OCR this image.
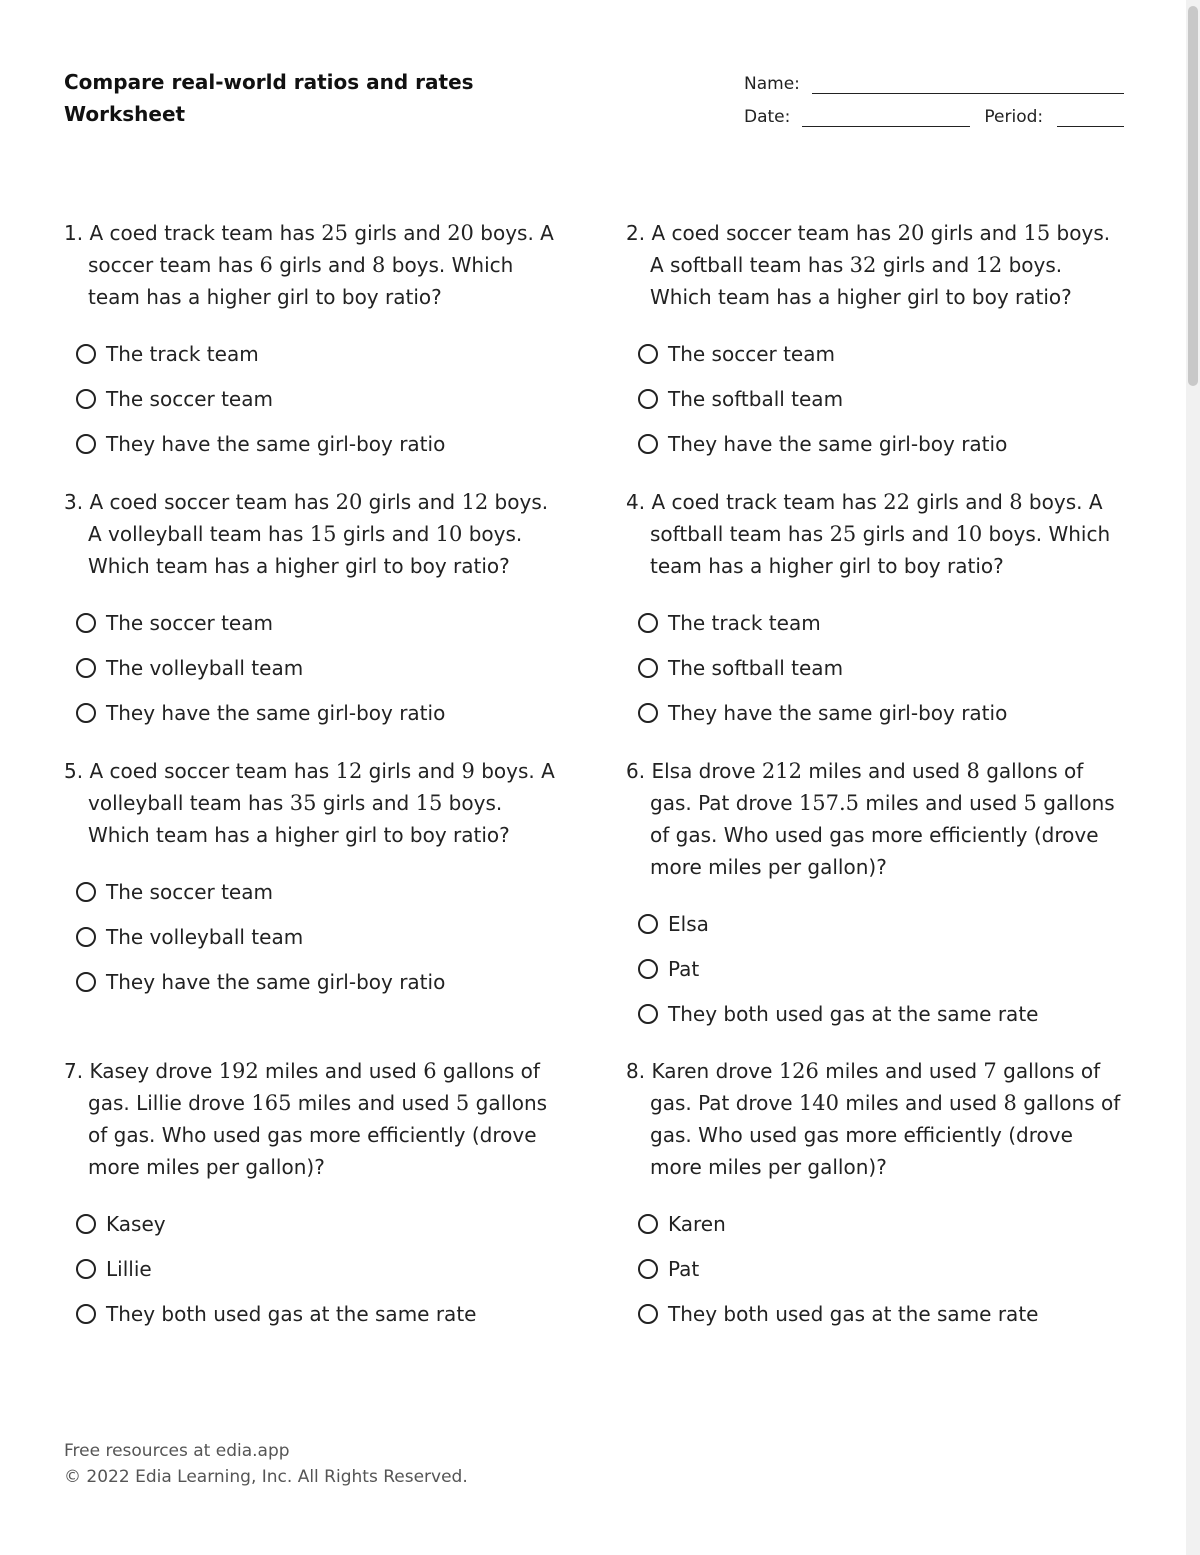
Compare real-world ratios and rates
Worksheet
Name:
Date:	Period:
1. A coed track team has 25 girls and 20 boys. A soccer team has 6 girls and 8 boys. Which team has a higher girl to boy ratio?
The track team
The soccer team
They have the same girl-boy ratio
2. A coed soccer team has 20 girls and 15 boys. A softball team has 32 girls and 12 boys. Which team has a higher girl to boy ratio?
The soccer team
The softball team
They have the same girl-boy ratio
3. A coed soccer team has 20 girls and 12 boys. A volleyball team has 15 girls and 10 boys. Which team has a higher girl to boy ratio?
The soccer team
The volleyball team
They have the same girl-boy ratio
4. A coed track team has 22 girls and 8 boys. A softball team has 25 girls and 10 boys. Which team has a higher girl to boy ratio?
The track team
The softball team
They have the same girl-boy ratio
5. A coed soccer team has 12 girls and 9 boys. A volleyball team has 35 girls and 15 boys. Which team has a higher girl to boy ratio?
The soccer team
The volleyball team
They have the same girl-boy ratio
6. Elsa drove 212 miles and used 8 gallons of gas. Pat drove 157.5 miles and used 5 gallons of gas. Who used gas more efficiently (drove more miles per gallon)?
Elsa
Pat
They both used gas at the same rate
7. Kasey drove 192 miles and used 6 gallons of gas. Lillie drove 165 miles and used 5 gallons of gas. Who used gas more efficiently (drove more miles per gallon)?
Kasey
Lillie
They both used gas at the same rate
8. Karen drove 126 miles and used 7 gallons of gas. Pat drove 140 miles and used 8 gallons of gas. Who used gas more efficiently (drove more miles per gallon)?
Karen
Pat
They both used gas at the same rate
Free resources at edia.app
© 2022 Edia Learning, Inc. All Rights Reserved.
